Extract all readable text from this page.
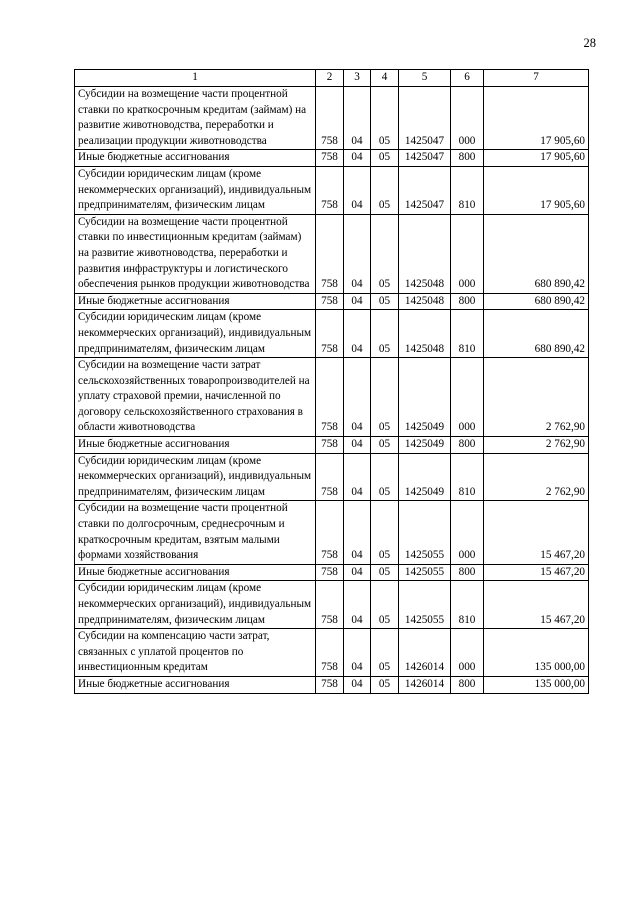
28
1	2	3	4	5	6	7
Субсидии на возмещение части процентной ставки по краткосрочным кредитам (займам) на развитие животноводства, переработки и реализации продукции животноводства	758	04	05	1425047	000	17 905,60
Иные бюджетные ассигнования	758	04	05	1425047	800	17 905,60
Субсидии юридическим лицам (кроме некоммерческих организаций), индивидуальным предпринимателям, физическим лицам	758	04	05	1425047	810	17 905,60
Субсидии на возмещение части процентной ставки по инвестиционным кредитам (займам) на развитие животноводства, переработки и развития инфраструктуры и логистического обеспечения рынков продукции животноводства	758	04	05	1425048	000	680 890,42
Иные бюджетные ассигнования	758	04	05	1425048	800	680 890,42
Субсидии юридическим лицам (кроме некоммерческих организаций), индивидуальным предпринимателям, физическим лицам	758	04	05	1425048	810	680 890,42
Субсидии на возмещение части затрат сельскохозяйственных товаропроизводителей на уплату страховой премии, начисленной по договору сельскохозяйственного страхования в области животноводства	758	04	05	1425049	000	2 762,90
Иные бюджетные ассигнования	758	04	05	1425049	800	2 762,90
Субсидии юридическим лицам (кроме некоммерческих организаций), индивидуальным предпринимателям, физическим лицам	758	04	05	1425049	810	2 762,90
Субсидии на возмещение части процентной ставки по долгосрочным, среднесрочным и краткосрочным кредитам, взятым малыми формами хозяйствования	758	04	05	1425055	000	15 467,20
Иные бюджетные ассигнования	758	04	05	1425055	800	15 467,20
Субсидии юридическим лицам (кроме некоммерческих организаций), индивидуальным предпринимателям, физическим лицам	758	04	05	1425055	810	15 467,20
Субсидии на компенсацию части затрат, связанных с уплатой процентов по инвестиционным кредитам	758	04	05	1426014	000	135 000,00
Иные бюджетные ассигнования	758	04	05	1426014	800	135 000,00
